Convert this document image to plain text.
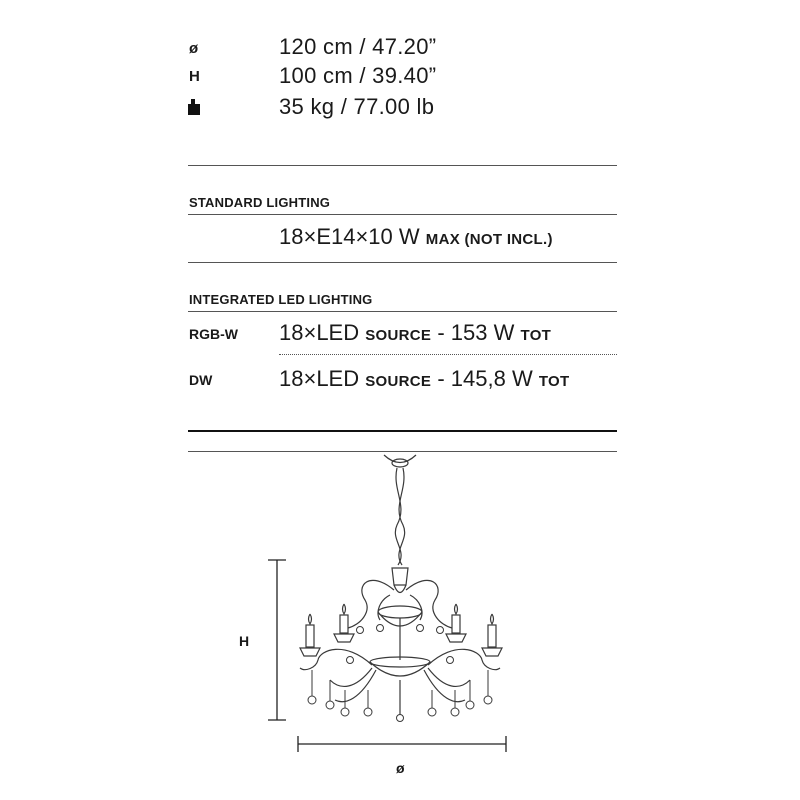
ø	120 cm / 47.20”
H	100 cm / 39.40”
35 kg / 77.00 lb
STANDARD LIGHTING
18×E14×10 W MAX (NOT INCL.)
INTEGRATED LED LIGHTING
RGB-W 18×LED SOURCE - 153 W TOT
DW	18×LED SOURCE - 145,8 W TOT
H
ø
